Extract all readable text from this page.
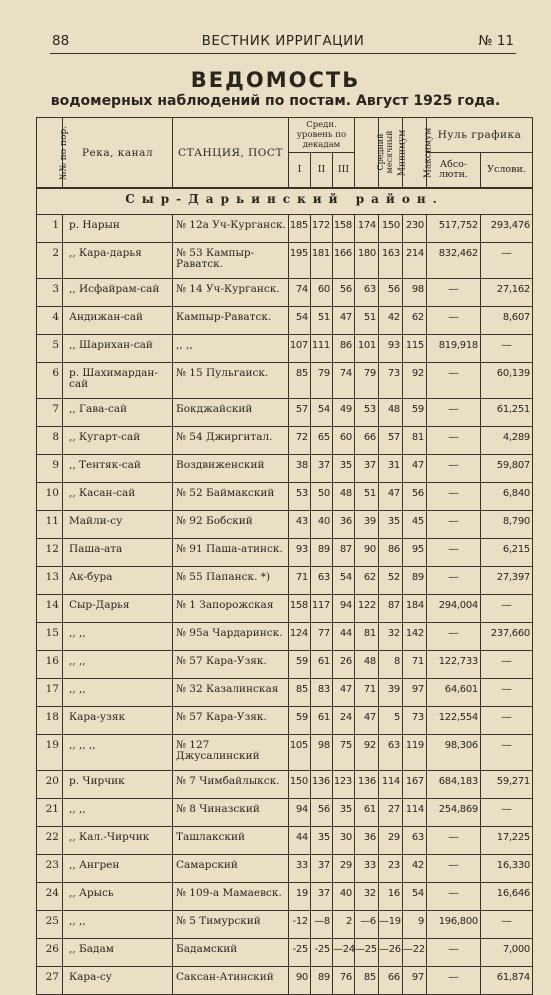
88	ВЕСТНИК ИРРИГАЦИИ	№ 11
ВЕДОМОСТЬ
водомерных наблюдений по постам. Август 1925 года.
№№ по пор.	Река, канал	СТАНЦИЯ, ПОСТ	Средн. уровень по декадам			Средний месячный	Минимум	Максимум	Нуль графика	
			I	II	III				Абсо-лютн.	Услови.
Сыр-Дарьинский район.										
1	р. Нарын	№ 12а Уч-Курганск.	185	172	158	174	150	230	517,752	293,476
2	,, Кара-дарья	№ 53 Кампыр-Раватск.	195	181	166	180	163	214	832,462	—
3	,, Исфайрам-сай	№ 14 Уч-Курганск.	74	60	56	63	56	98	—	27,162
4	Андижан-сай	Кампыр-Раватск.	54	51	47	51	42	62	—	8,607
5	,, Шарихан-сай	,, ,,	107	111	86	101	93	115	819,918	—
6	р. Шахимардан-сай	№ 15 Пульгаиск.	85	79	74	79	73	92	—	60,139
7	,, Гава-сай	Бокджайский	57	54	49	53	48	59	—	61,251
8	,, Кугарт-сай	№ 54 Джиргитал.	72	65	60	66	57	81	—	4,289
9	,, Тентяк-сай	Воздвиженский	38	37	35	37	31	47	—	59,807
10	,, Касан-сай	№ 52 Баймакский	53	50	48	51	47	56	—	6,840
11	Майли-су	№ 92 Бобский	43	40	36	39	35	45	—	8,790
12	Паша-ата	№ 91 Паша-атинск.	93	89	87	90	86	95	—	6,215
13	Ак-бура	№ 55 Папанск. *)	71	63	54	62	52	89	—	27,397
14	Сыр-Дарья	№ 1 Запорожская	158	117	94	122	87	184	294,004	—
15	,, ,,	№ 95а Чардаринск.	124	77	44	81	32	142	—	237,660
16	,, ,,	№ 57 Кара-Узяк.	59	61	26	48	8	71	122,733	—
17	,, ,,	№ 32 Казалинская	85	83	47	71	39	97	64,601	—
18	Кара-узяк	№ 57 Кара-Узяк.	59	61	24	47	5	73	122,554	—
19	,, ,, ,,	№ 127 Джусалинский	105	98	75	92	63	119	98,306	—
20	р. Чирчик	№ 7 Чимбайлыкск.	150	136	123	136	114	167	684,183	59,271
21	,, ,,	№ 8 Чиназский	94	56	35	61	27	114	254,869	—
22	,, Кал.-Чирчик	Ташлакский	44	35	30	36	29	63	—	17,225
23	,, Ангрен	Самарский	33	37	29	33	23	42	—	16,330
24	,, Арысь	№ 109-а Мамаевск.	19	37	40	32	16	54	—	16,646
25	,, ,,	№ 5 Тимурский	-12	—8	2	—6	—19	9	196,800	—
26	,, Бадам	Бадамский	-25	-25	—24	—25	—26	—22	—	7,000
27	Кара-су	Саксан-Атинский	90	89	76	85	66	97	—	61,874
